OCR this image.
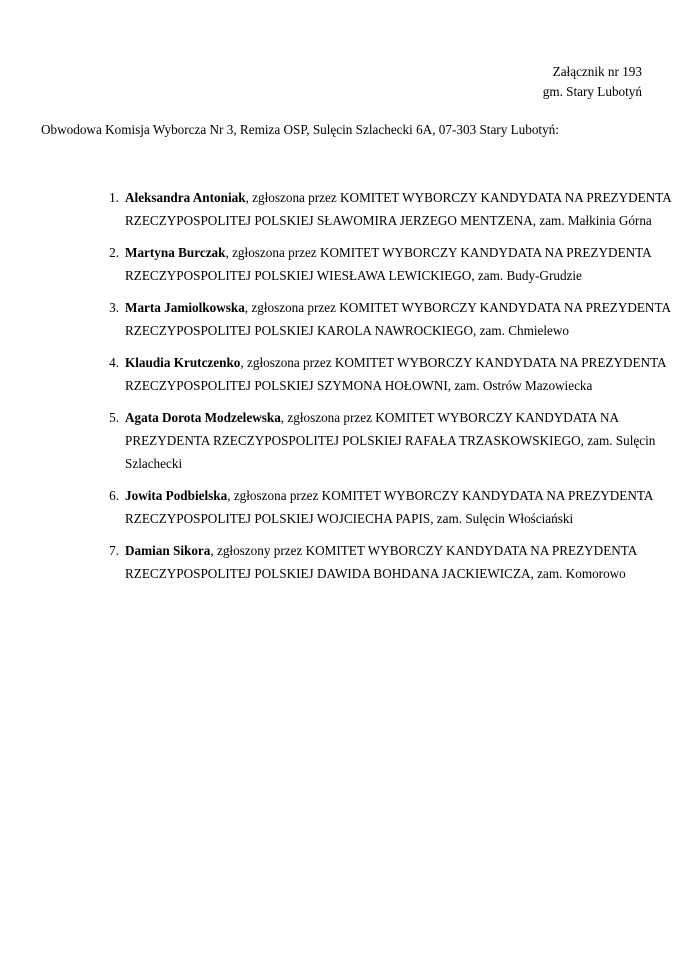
Załącznik nr 193
gm. Stary Lubotyń
Obwodowa Komisja Wyborcza Nr 3, Remiza OSP, Sulęcin Szlachecki 6A, 07-303 Stary Lubotyń:
1. Aleksandra Antoniak, zgłoszona przez KOMITET WYBORCZY KANDYDATA NA PREZYDENTA RZECZYPOSPOLITEJ POLSKIEJ SŁAWOMIRA JERZEGO MENTZENA, zam. Małkinia Górna
2. Martyna Burczak, zgłoszona przez KOMITET WYBORCZY KANDYDATA NA PREZYDENTA RZECZYPOSPOLITEJ POLSKIEJ WIESŁAWA LEWICKIEGO, zam. Budy-Grudzie
3. Marta Jamiolkowska, zgłoszona przez KOMITET WYBORCZY KANDYDATA NA PREZYDENTA RZECZYPOSPOLITEJ POLSKIEJ KAROLA NAWROCKIEGO, zam. Chmielewo
4. Klaudia Krutczenko, zgłoszona przez KOMITET WYBORCZY KANDYDATA NA PREZYDENTA RZECZYPOSPOLITEJ POLSKIEJ SZYMONA HOŁOWNI, zam. Ostrów Mazowiecka
5. Agata Dorota Modzelewska, zgłoszona przez KOMITET WYBORCZY KANDYDATA NA PREZYDENTA RZECZYPOSPOLITEJ POLSKIEJ RAFAŁA TRZASKOWSKIEGO, zam. Sulęcin Szlachecki
6. Jowita Podbielska, zgłoszona przez KOMITET WYBORCZY KANDYDATA NA PREZYDENTA RZECZYPOSPOLITEJ POLSKIEJ WOJCIECHA PAPIS, zam. Sulęcin Włościański
7. Damian Sikora, zgłoszony przez KOMITET WYBORCZY KANDYDATA NA PREZYDENTA RZECZYPOSPOLITEJ POLSKIEJ DAWIDA BOHDANA JACKIEWICZA, zam. Komorowo
